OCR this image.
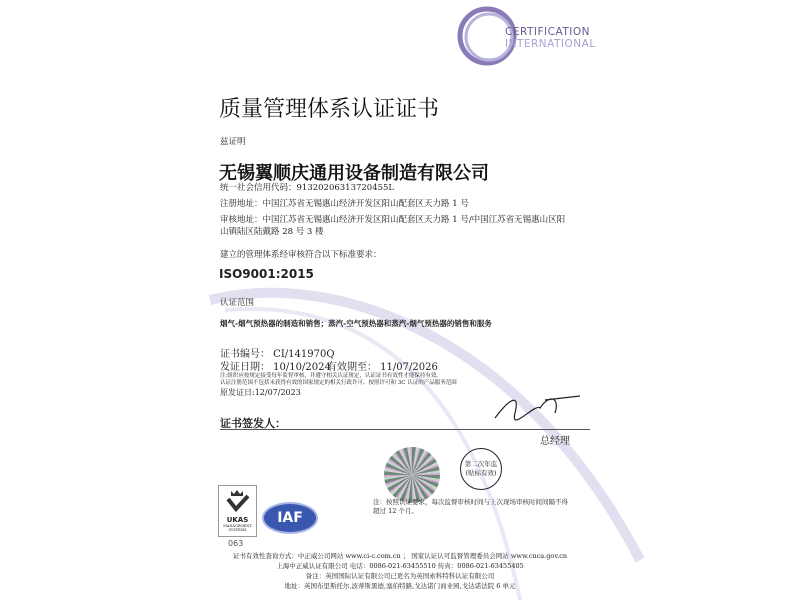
CERTIFICATION
INTERNATIONAL
质量管理体系认证证书
兹证明
无锡翼顺庆通用设备制造有限公司
统一社会信用代码：91320206313720455L
注册地址：中国江苏省无锡惠山经济开发区阳山配套区天力路 1 号
审核地址：中国江苏省无锡惠山经济开发区阳山配套区天力路 1 号/中国江苏省无锡惠山区阳
山镇陆区陆戴路 28 号 3 楼
建立的管理体系经审核符合以下标准要求：
ISO9001:2015
认证范围
烟气-烟气预热器的制造和销售；蒸汽-空气预热器和蒸汽-烟气预热器的销售和服务
证书编号： CI/141970Q
发证日期： 10/10/2024
有效期至： 11/07/2026
注:组织应按规定接受每年监督审核，并遵守相关认证规定，认证证书有效性才能保持有效。
认证注册范围不包括未获得有效的国家规定的相关行政许可、按照许可和 3C 认证的产品服务范围
原发证日:12/07/2023
证书签发人：
总经理
第二次年监
(贴标有效)
注：按照认证要求，每次监督审核时间与上次现场审核时间间隔不得
超过 12 个月。
UKAS
MANAGEMENT
SYSTEMS
063
IAF
证书有效性查询方式：中正威公司网站 www.ci-c.com.cn ； 国家认证认可监督管理委员会网站 www.cnca.gov.cn
上海中正威认证有限公司 电话：0086-021-63455510 传真：0086-021-63455405
备注：英国国际认证有限公司已更名为英国索科特科认证有限公司
地址：英国布里斯托尔,波蒂斯黑德,塞伯特路,戈达诺门商业园,戈达诺法院 6 单元
